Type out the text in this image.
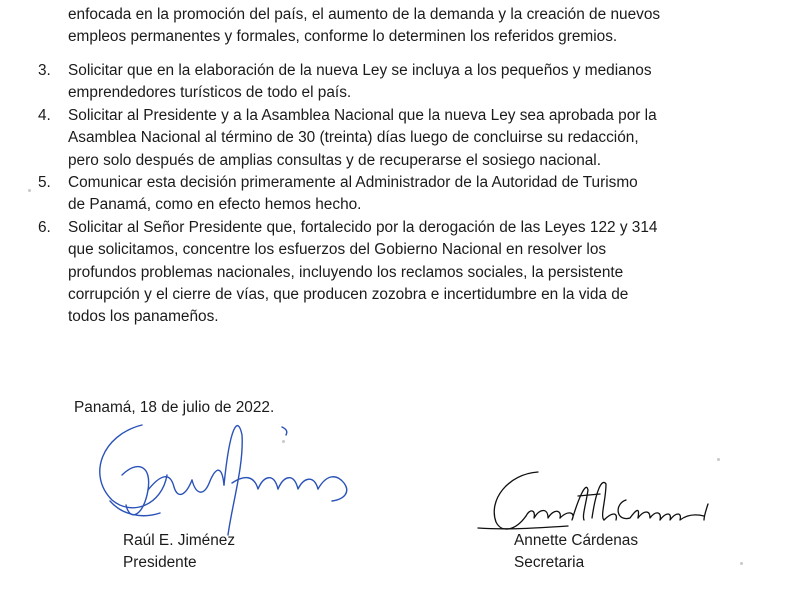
enfocada en la promoción del país, el aumento de la demanda y la creación de nuevos
empleos permanentes y formales, conforme lo determinen los referidos gremios.
3.	Solicitar que en la elaboración de la nueva Ley se incluya a los pequeños y medianos
emprendedores turísticos de todo el país.
4.	Solicitar al Presidente y a la Asamblea Nacional que la nueva Ley sea aprobada por la
Asamblea Nacional al término de 30 (treinta) días luego de concluirse su redacción,
pero solo después de amplias consultas y de recuperarse el sosiego nacional.
5.	Comunicar esta decisión primeramente al Administrador de la Autoridad de Turismo
de Panamá, como en efecto hemos hecho.
6.	Solicitar al Señor Presidente que, fortalecido por la derogación de las Leyes 122 y 314
que solicitamos, concentre los esfuerzos del Gobierno Nacional en resolver los
profundos problemas nacionales, incluyendo los reclamos sociales, la persistente
corrupción y el cierre de vías, que producen zozobra e incertidumbre en la vida de
todos los panameños.
Panamá, 18 de julio de 2022.
Raúl E. Jiménez
Presidente
Annette Cárdenas
Secretaria
